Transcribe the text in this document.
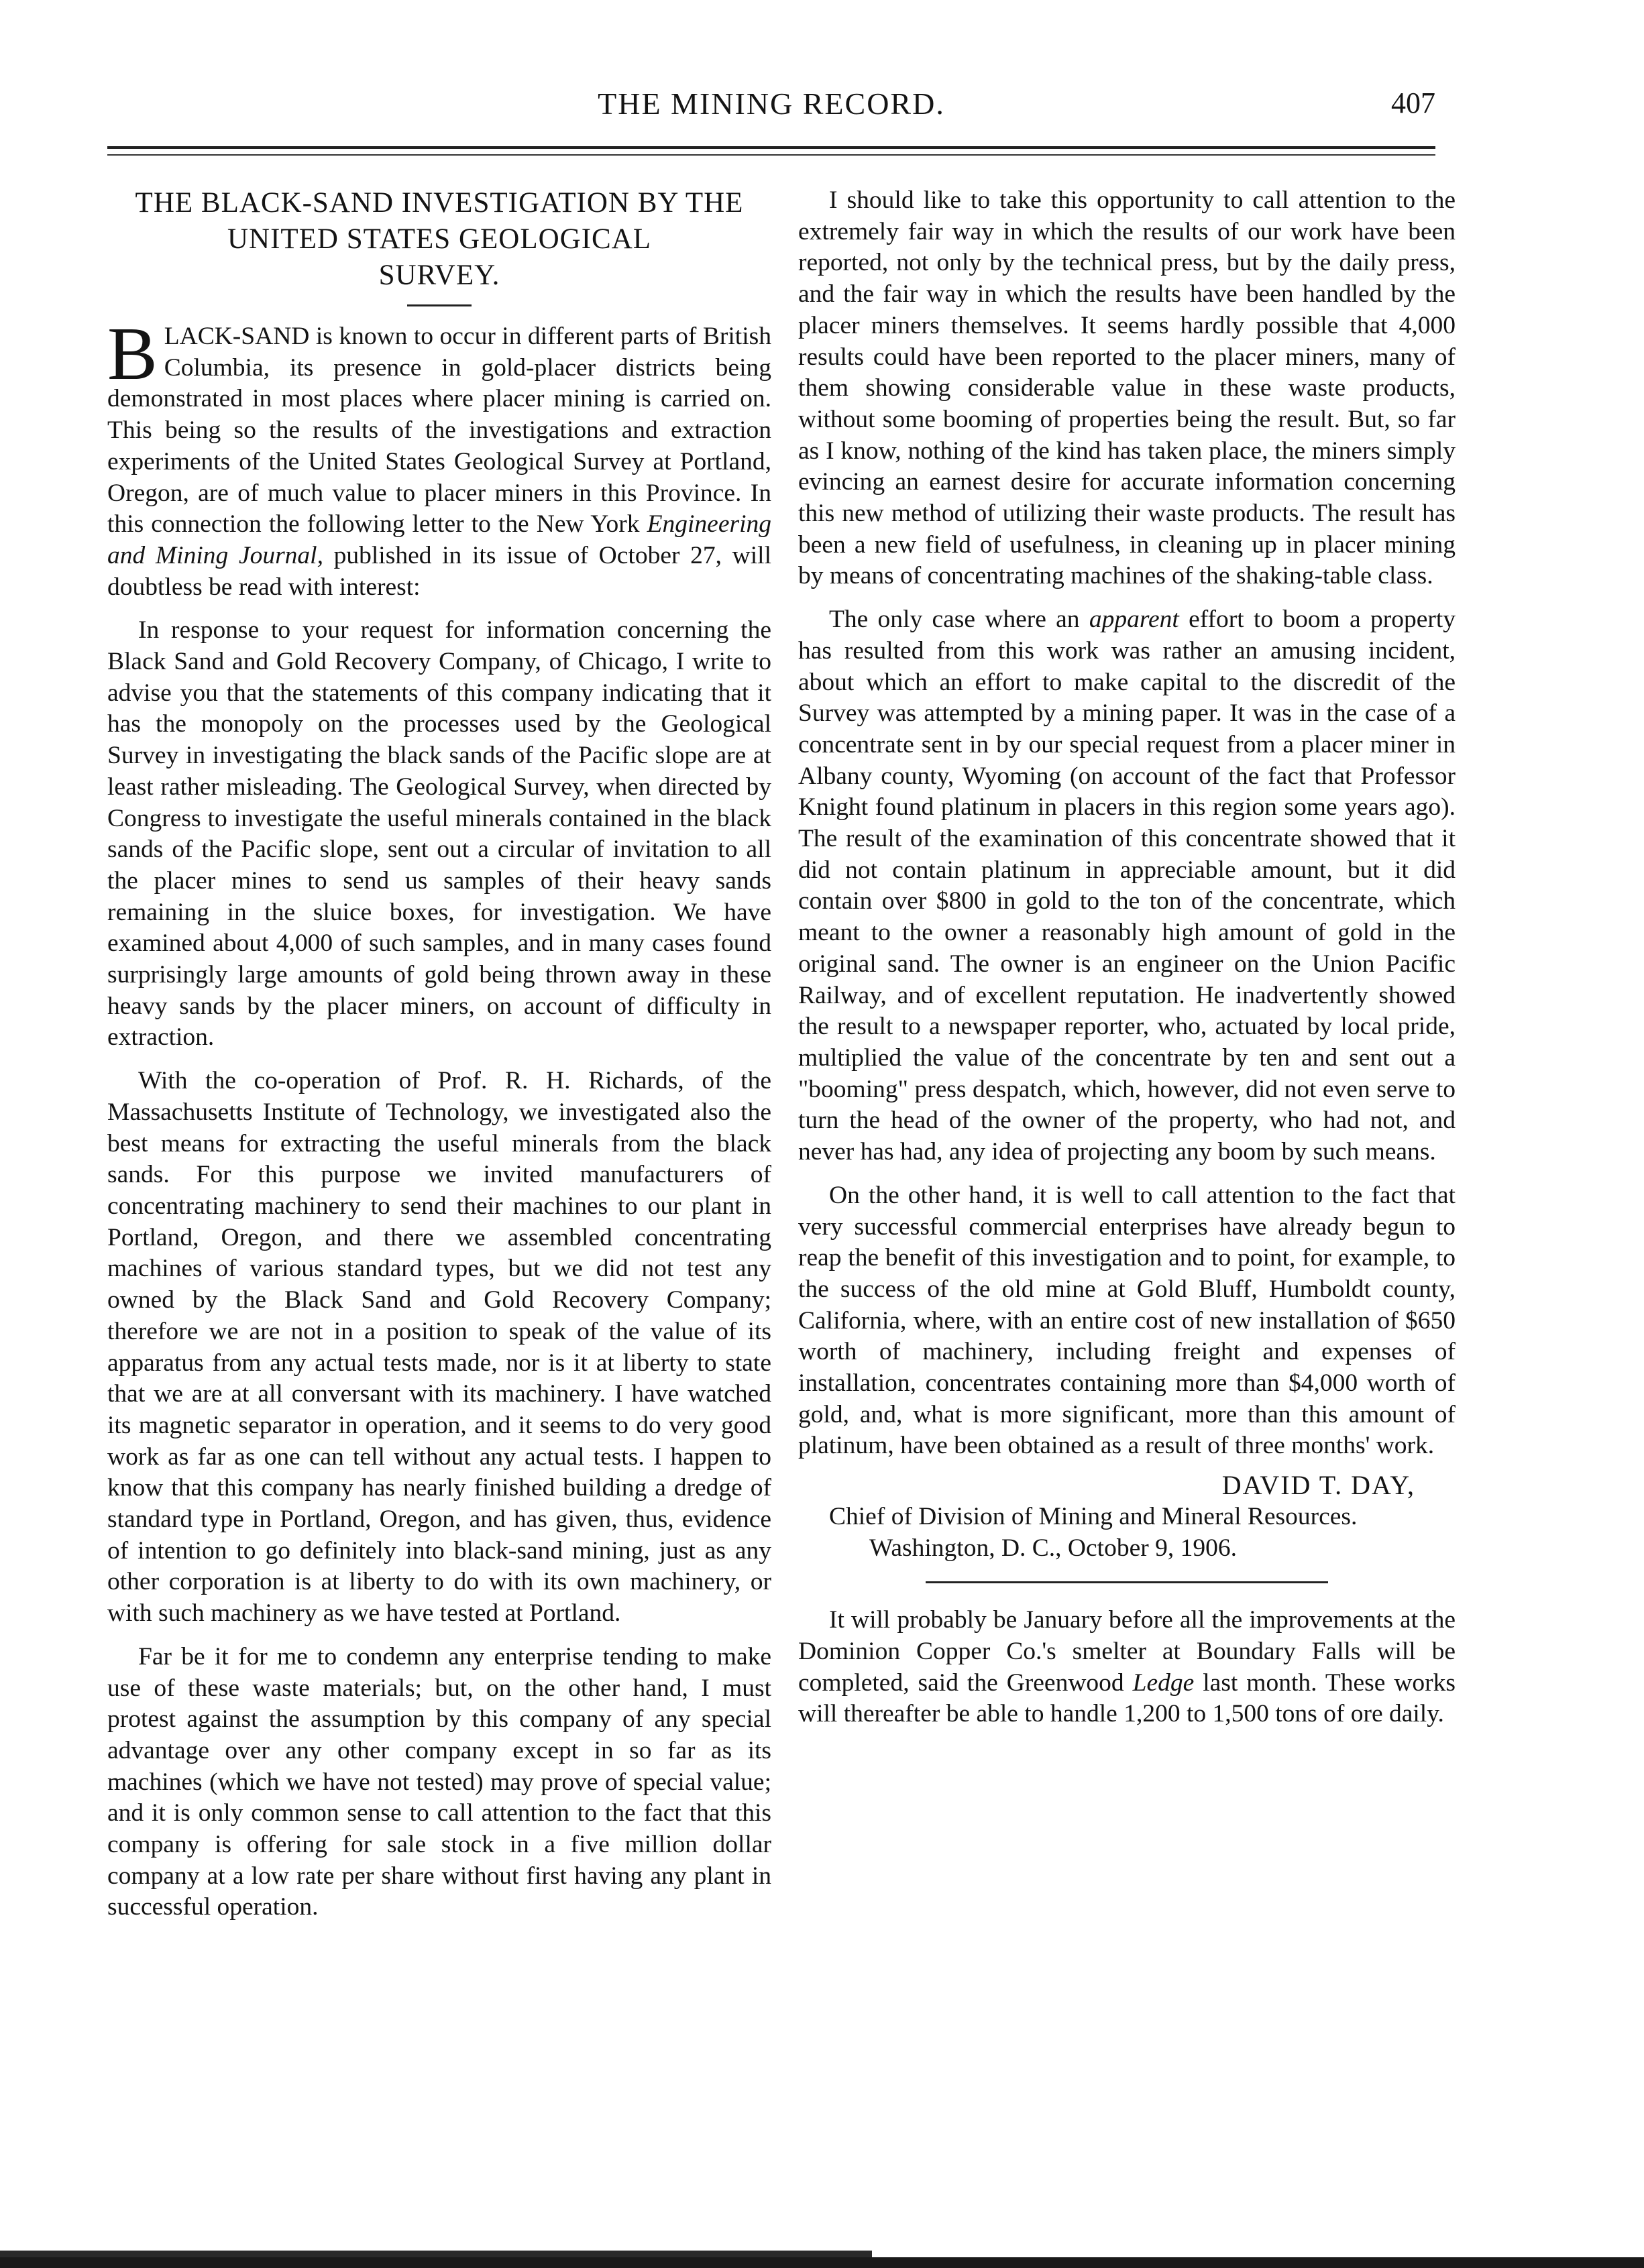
THE MINING RECORD.	407
THE BLACK-SAND INVESTIGATION BY THE
UNITED STATES GEOLOGICAL
SURVEY.

BLACK-SAND is known to occur in different parts of British Columbia, its presence in gold-placer districts being demonstrated in most places where placer mining is carried on. This being so the results of the investigations and extraction experiments of the United States Geological Survey at Portland, Oregon, are of much value to placer miners in this Province. In this connection the following letter to the New York Engineering and Mining Journal, published in its issue of October 27, will doubtless be read with interest:

In response to your request for information concerning the Black Sand and Gold Recovery Company, of Chicago, I write to advise you that the statements of this company indicating that it has the monopoly on the processes used by the Geological Survey in investigating the black sands of the Pacific slope are at least rather misleading. The Geological Survey, when directed by Congress to investigate the useful minerals contained in the black sands of the Pacific slope, sent out a circular of invitation to all the placer mines to send us samples of their heavy sands remaining in the sluice boxes, for investigation. We have examined about 4,000 of such samples, and in many cases found surprisingly large amounts of gold being thrown away in these heavy sands by the placer miners, on account of difficulty in extraction.

With the co-operation of Prof. R. H. Richards, of the Massachusetts Institute of Technology, we investigated also the best means for extracting the useful minerals from the black sands. For this purpose we invited manufacturers of concentrating machinery to send their machines to our plant in Portland, Oregon, and there we assembled concentrating machines of various standard types, but we did not test any owned by the Black Sand and Gold Recovery Company; therefore we are not in a position to speak of the value of its apparatus from any actual tests made, nor is it at liberty to state that we are at all conversant with its machinery. I have watched its magnetic separator in operation, and it seems to do very good work as far as one can tell without any actual tests. I happen to know that this company has nearly finished building a dredge of standard type in Portland, Oregon, and has given, thus, evidence of intention to go definitely into black-sand mining, just as any other corporation is at liberty to do with its own machinery, or with such machinery as we have tested at Portland.

Far be it for me to condemn any enterprise tending to make use of these waste materials; but, on the other hand, I must protest against the assumption by this company of any special advantage over any other company except in so far as its machines (which we have not tested) may prove of special value; and it is only common sense to call attention to the fact that this company is offering for sale stock in a five million dollar company at a low rate per share without first having any plant in successful operation.

I should like to take this opportunity to call attention to the extremely fair way in which the results of our work have been reported, not only by the technical press, but by the daily press, and the fair way in which the results have been handled by the placer miners themselves. It seems hardly possible that 4,000 results could have been reported to the placer miners, many of them showing considerable value in these waste products, without some booming of properties being the result. But, so far as I know, nothing of the kind has taken place, the miners simply evincing an earnest desire for accurate information concerning this new method of utilizing their waste products. The result has been a new field of usefulness, in cleaning up in placer mining by means of concentrating machines of the shaking-table class.

The only case where an apparent effort to boom a property has resulted from this work was rather an amusing incident, about which an effort to make capital to the discredit of the Survey was attempted by a mining paper. It was in the case of a concentrate sent in by our special request from a placer miner in Albany county, Wyoming (on account of the fact that Professor Knight found platinum in placers in this region some years ago). The result of the examination of this concentrate showed that it did not contain platinum in appreciable amount, but it did contain over $800 in gold to the ton of the concentrate, which meant to the owner a reasonably high amount of gold in the original sand. The owner is an engineer on the Union Pacific Railway, and of excellent reputation. He inadvertently showed the result to a newspaper reporter, who, actuated by local pride, multiplied the value of the concentrate by ten and sent out a "booming" press despatch, which, however, did not even serve to turn the head of the owner of the property, who had not, and never has had, any idea of projecting any boom by such means.

On the other hand, it is well to call attention to the fact that very successful commercial enterprises have already begun to reap the benefit of this investigation and to point, for example, to the success of the old mine at Gold Bluff, Humboldt county, California, where, with an entire cost of new installation of $650 worth of machinery, including freight and expenses of installation, concentrates containing more than $4,000 worth of gold, and, what is more significant, more than this amount of platinum, have been obtained as a result of three months' work.

DAVID T. DAY,

Chief of Division of Mining and Mineral Resources.

Washington, D. C., October 9, 1906.

It will probably be January before all the improvements at the Dominion Copper Co.'s smelter at Boundary Falls will be completed, said the Greenwood Ledge last month. These works will thereafter be able to handle 1,200 to 1,500 tons of ore daily.
